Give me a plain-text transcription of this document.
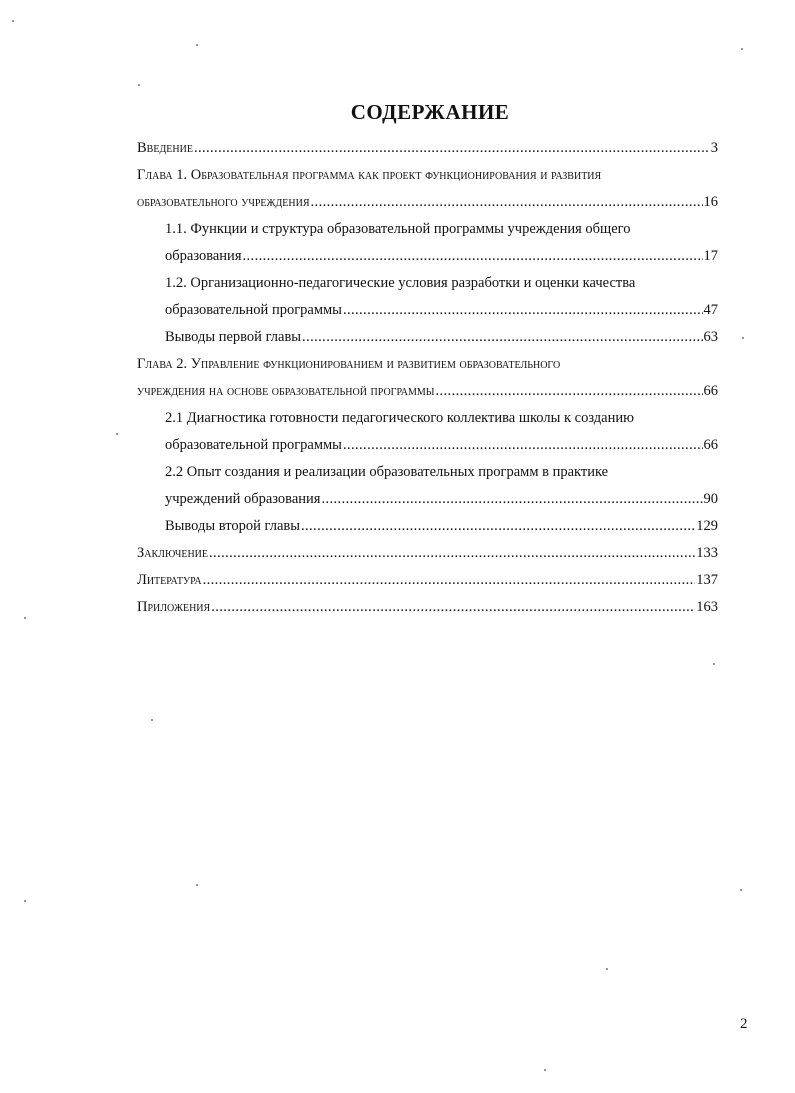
СОДЕРЖАНИЕ
Введение .....	3
Глава 1. Образовательная программа как проект функционирования и развития
образовательного учреждения .....	16
1.1. Функции и структура образовательной программы учреждения общего
образования .....	17
1.2. Организационно-педагогические условия разработки и оценки качества
образовательной программы .....	47
Выводы первой главы .....	63
Глава 2. Управление функционированием и развитием образовательного
учреждения на основе образовательной программы .....	66
2.1 Диагностика готовности педагогического коллектива школы к созданию
образовательной программы .....	66
2.2 Опыт создания и реализации образовательных программ в практике
учреждений образования .....	90
Выводы второй главы .....	129
Заключение .....	133
Литература .....	137
Приложения .....	163
2
